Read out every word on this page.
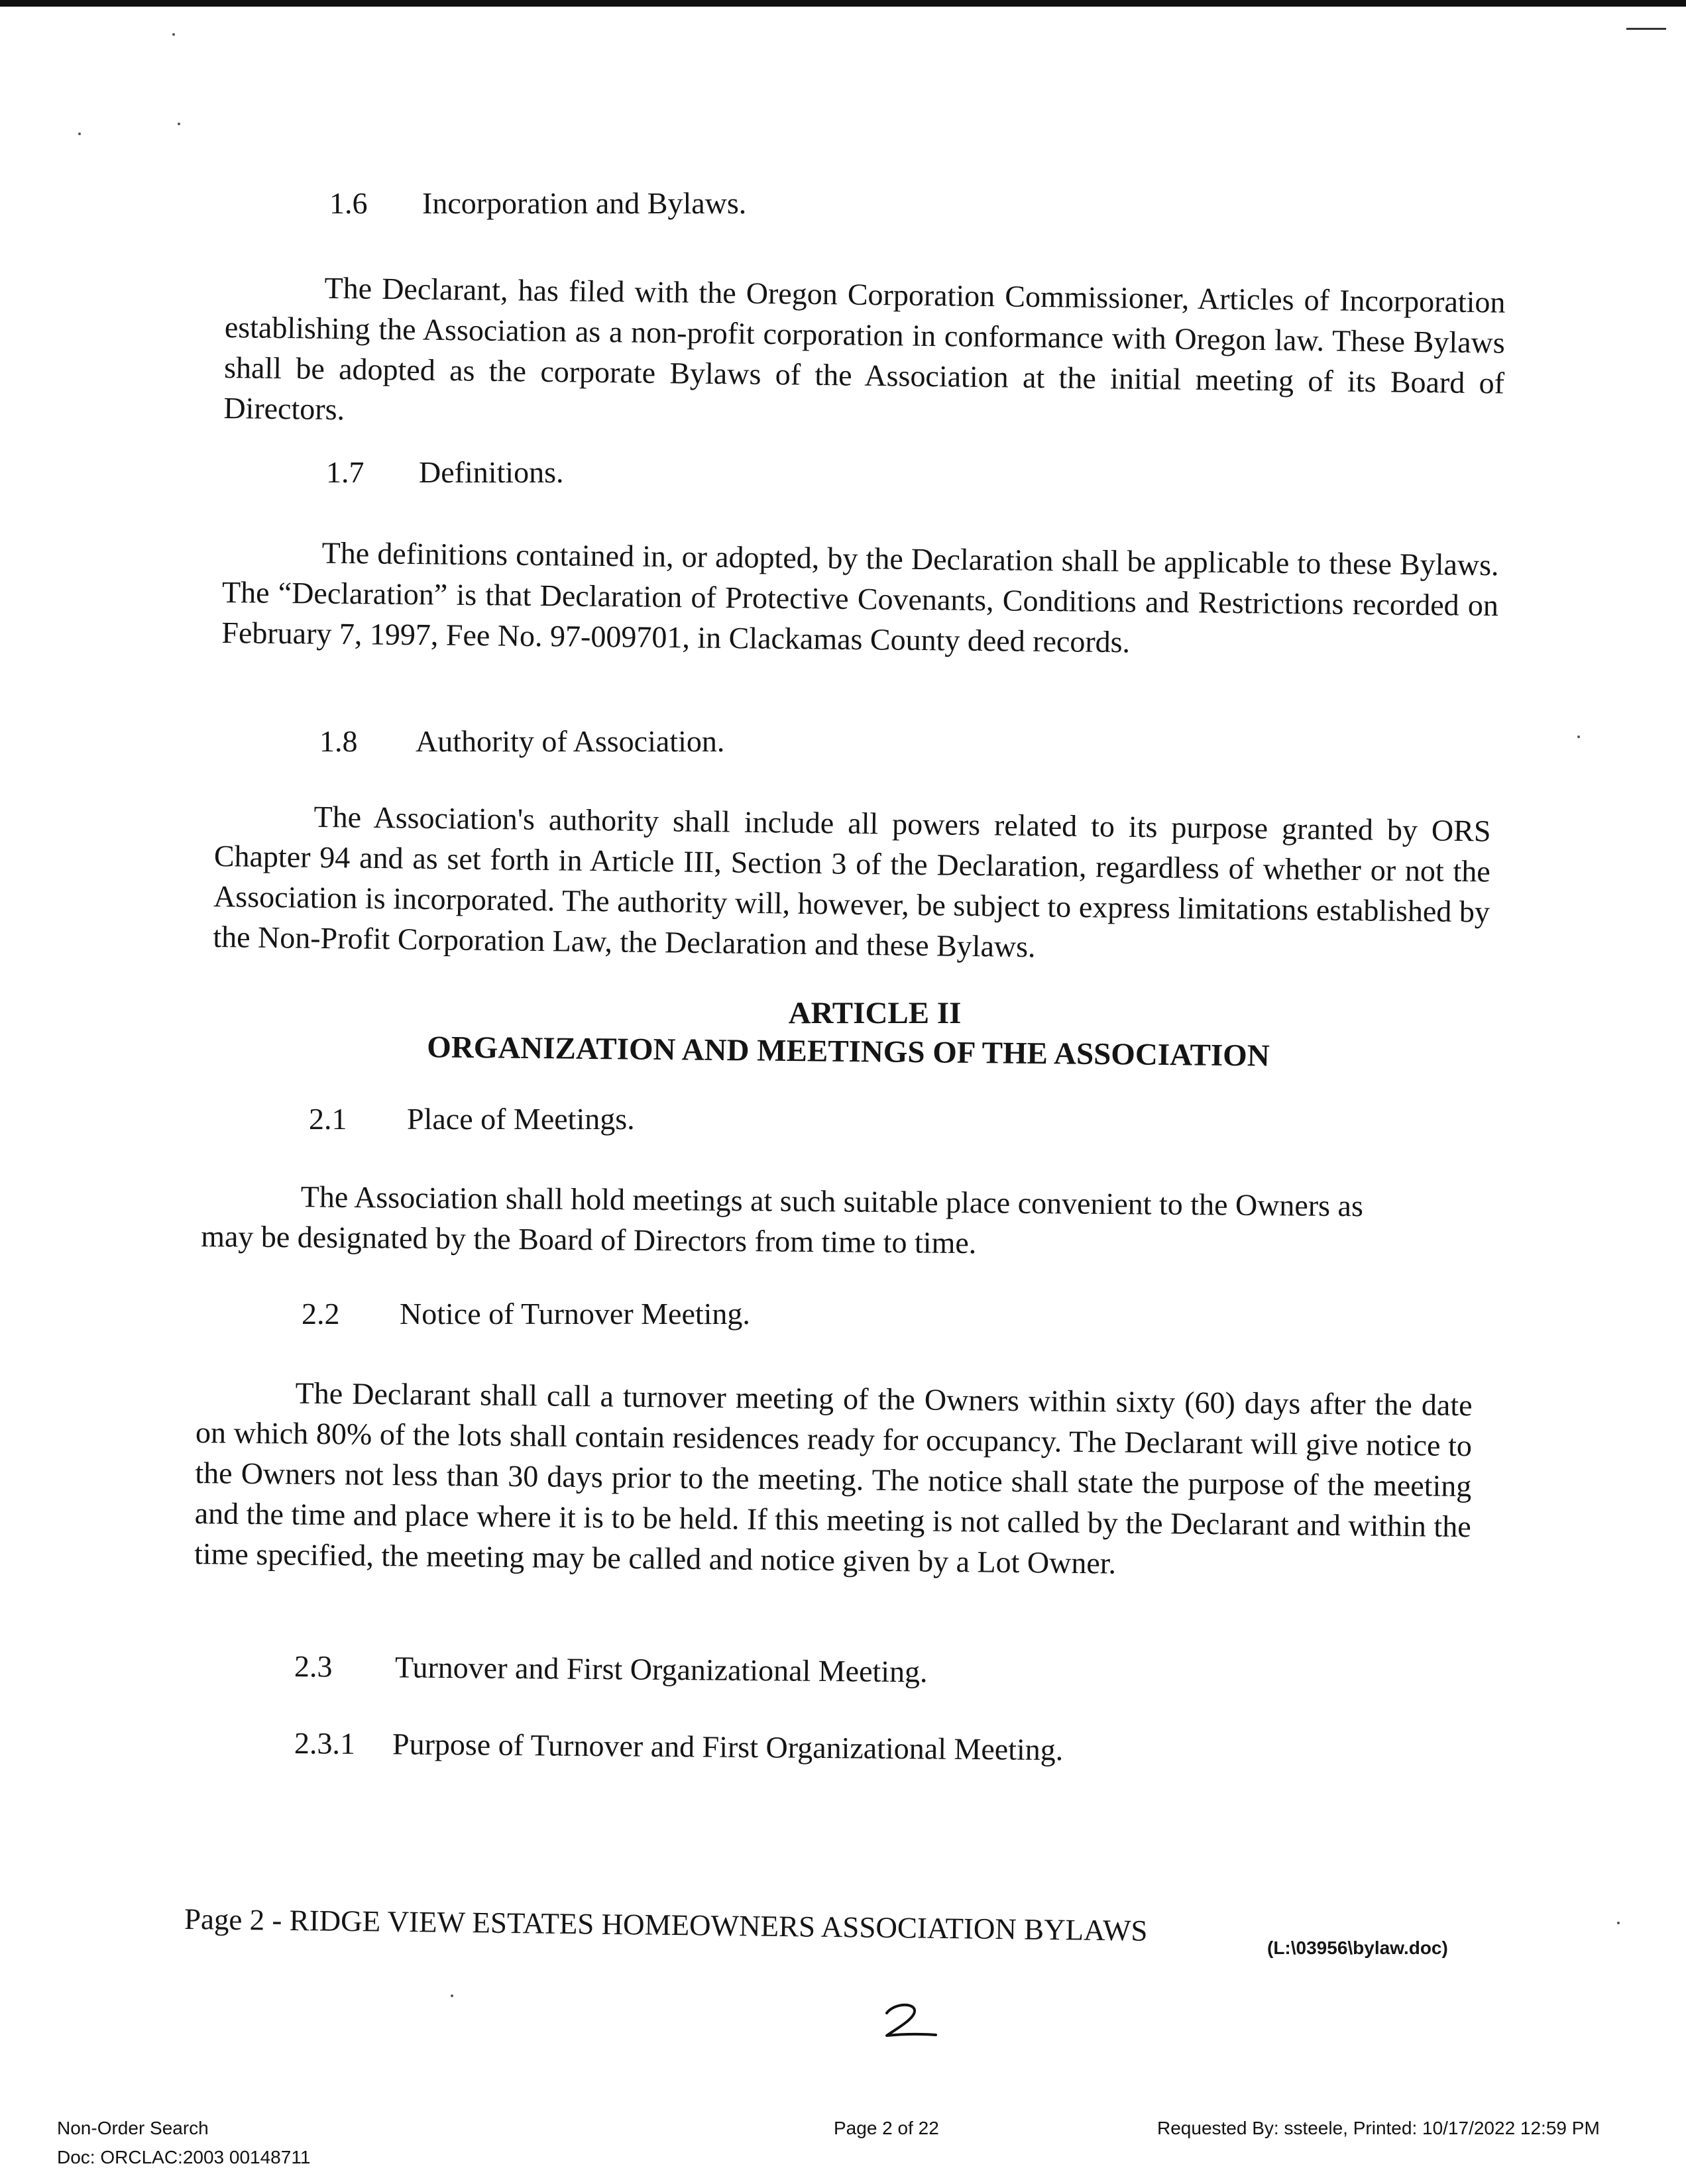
1.6 Incorporation and Bylaws.
The Declarant, has filed with the Oregon Corporation Commissioner, Articles of Incorporation establishing the Association as a non-profit corporation in conformance with Oregon law. These Bylaws shall be adopted as the corporate Bylaws of the Association at the initial meeting of its Board of Directors.
1.7 Definitions.
The definitions contained in, or adopted, by the Declaration shall be applicable to these Bylaws. The “Declaration” is that Declaration of Protective Covenants, Conditions and Restrictions recorded on February 7, 1997, Fee No. 97-009701, in Clackamas County deed records.
1.8 Authority of Association.
The Association's authority shall include all powers related to its purpose granted by ORS Chapter 94 and as set forth in Article III, Section 3 of the Declaration, regardless of whether or not the Association is incorporated. The authority will, however, be subject to express limitations established by the Non-Profit Corporation Law, the Declaration and these Bylaws.
ARTICLE II
ORGANIZATION AND MEETINGS OF THE ASSOCIATION
2.1 Place of Meetings.
The Association shall hold meetings at such suitable place convenient to the Owners as may be designated by the Board of Directors from time to time.
2.2 Notice of Turnover Meeting.
The Declarant shall call a turnover meeting of the Owners within sixty (60) days after the date on which 80% of the lots shall contain residences ready for occupancy. The Declarant will give notice to the Owners not less than 30 days prior to the meeting. The notice shall state the purpose of the meeting and the time and place where it is to be held. If this meeting is not called by the Declarant and within the time specified, the meeting may be called and notice given by a Lot Owner.
2.3 Turnover and First Organizational Meeting.
2.3.1 Purpose of Turnover and First Organizational Meeting.
Page 2 - RIDGE VIEW ESTATES HOMEOWNERS ASSOCIATION BYLAWS
(L:\03956\bylaw.doc)
Non-Order Search
Doc: ORCLAC:2003 00148711
Page 2 of 22	Requested By: ssteele, Printed: 10/17/2022 12:59 PM
